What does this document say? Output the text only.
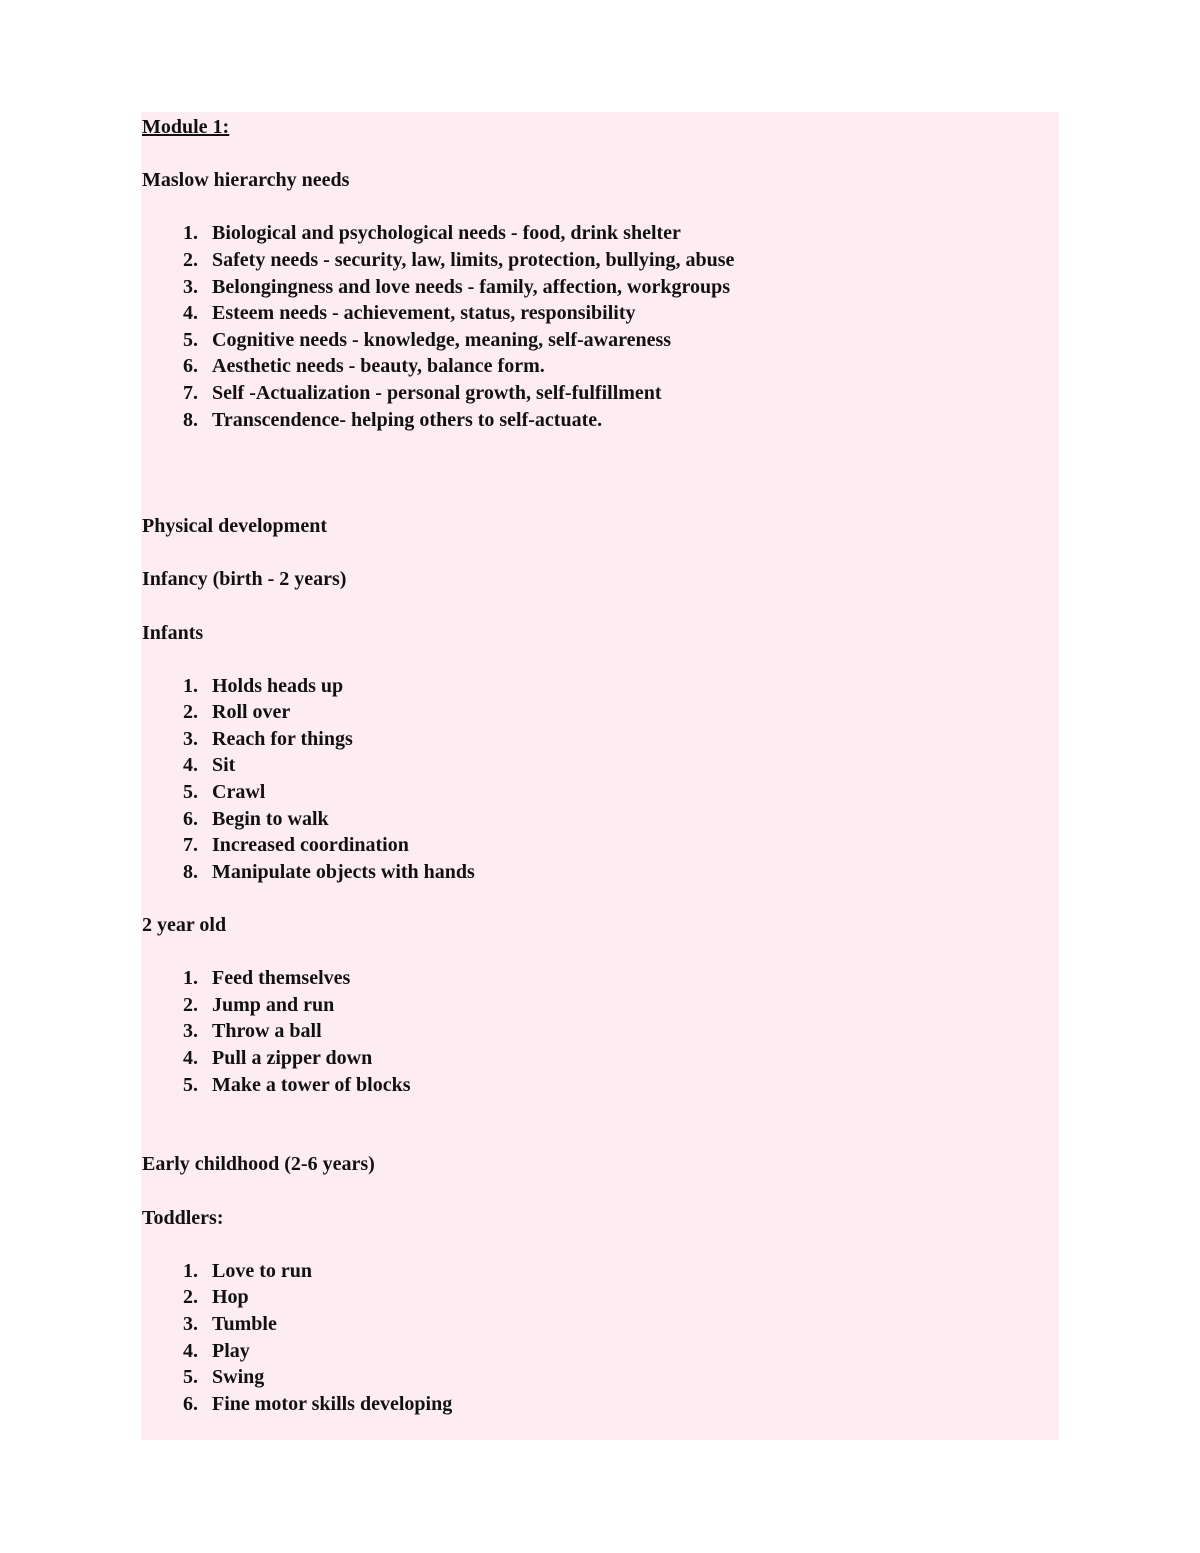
Module 1:
Maslow hierarchy needs
1. Biological and psychological needs - food, drink shelter
2. Safety needs - security, law, limits, protection, bullying, abuse
3. Belongingness and love needs - family, affection, workgroups
4. Esteem needs - achievement, status, responsibility
5. Cognitive needs - knowledge, meaning, self-awareness
6. Aesthetic needs - beauty, balance form.
7. Self -Actualization - personal growth, self-fulfillment
8. Transcendence- helping others to self-actuate.
Physical development
Infancy (birth - 2 years)
Infants
1. Holds heads up
2. Roll over
3. Reach for things
4. Sit
5. Crawl
6. Begin to walk
7. Increased coordination
8. Manipulate objects with hands
2 year old
1. Feed themselves
2. Jump and run
3. Throw a ball
4. Pull a zipper down
5. Make a tower of blocks
Early childhood (2-6 years)
Toddlers:
1. Love to run
2. Hop
3. Tumble
4. Play
5. Swing
6. Fine motor skills developing
